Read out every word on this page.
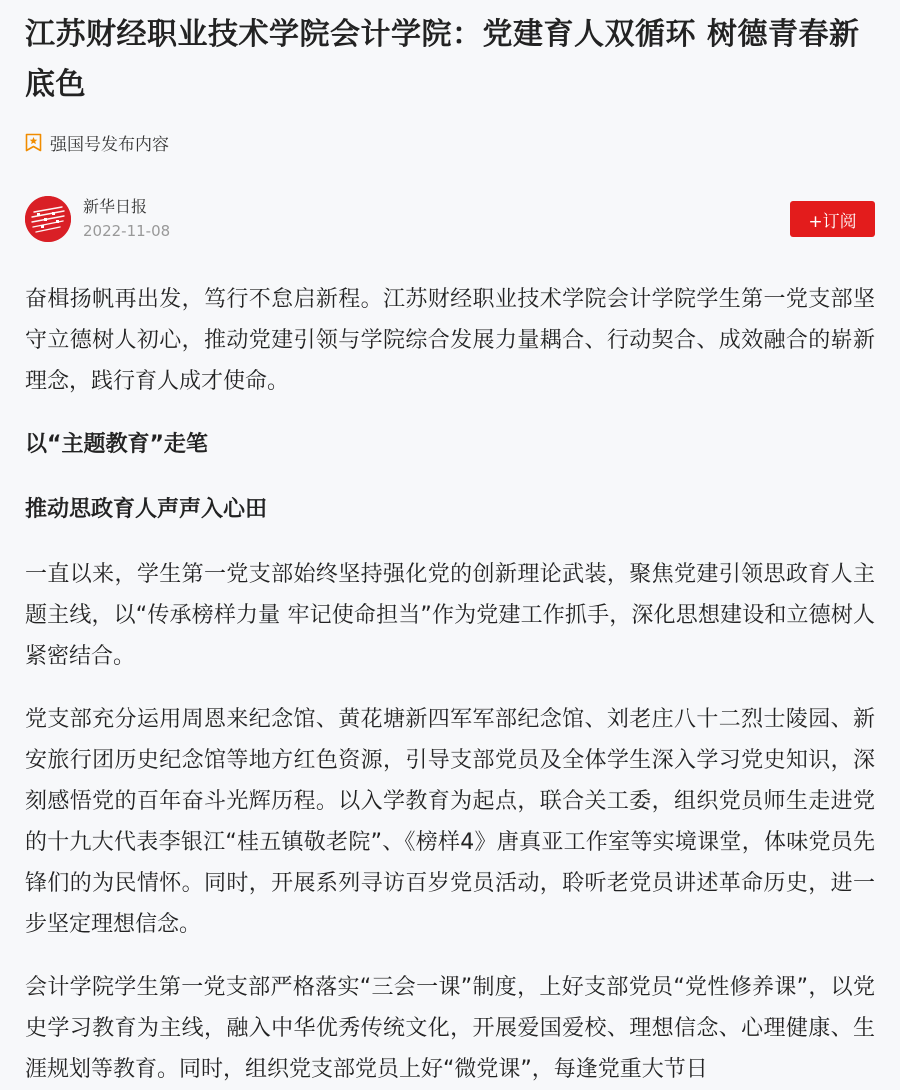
江苏财经职业技术学院会计学院：党建育人双循环 树德青春新底色
强国号发布内容
新华日报
2022-11-08	+订阅

奋楫扬帆再出发，笃行不怠启新程。江苏财经职业技术学院会计学院学生第一党支部坚守立德树人初心，推动党建引领与学院综合发展力量耦合、行动契合、成效融合的崭新理念，践行育人成才使命。

以“主题教育”走笔

推动思政育人声声入心田

一直以来，学生第一党支部始终坚持强化党的创新理论武装，聚焦党建引领思政育人主题主线，以“传承榜样力量 牢记使命担当”作为党建工作抓手，深化思想建设和立德树人紧密结合。

党支部充分运用周恩来纪念馆、黄花塘新四军军部纪念馆、刘老庄八十二烈士陵园、新安旅行团历史纪念馆等地方红色资源，引导支部党员及全体学生深入学习党史知识，深刻感悟党的百年奋斗光辉历程。以入学教育为起点，联合关工委，组织党员师生走进党的十九大代表李银江“桂五镇敬老院”、《榜样4》唐真亚工作室等实境课堂，体味党员先锋们的为民情怀。同时，开展系列寻访百岁党员活动，聆听老党员讲述革命历史，进一步坚定理想信念。

会计学院学生第一党支部严格落实“三会一课”制度，上好支部党员“党性修养课”，以党史学习教育为主线，融入中华优秀传统文化，开展爱国爱校、理想信念、心理健康、生涯规划等教育。同时，组织党支部党员上好“微党课”，每逢党重大节日
